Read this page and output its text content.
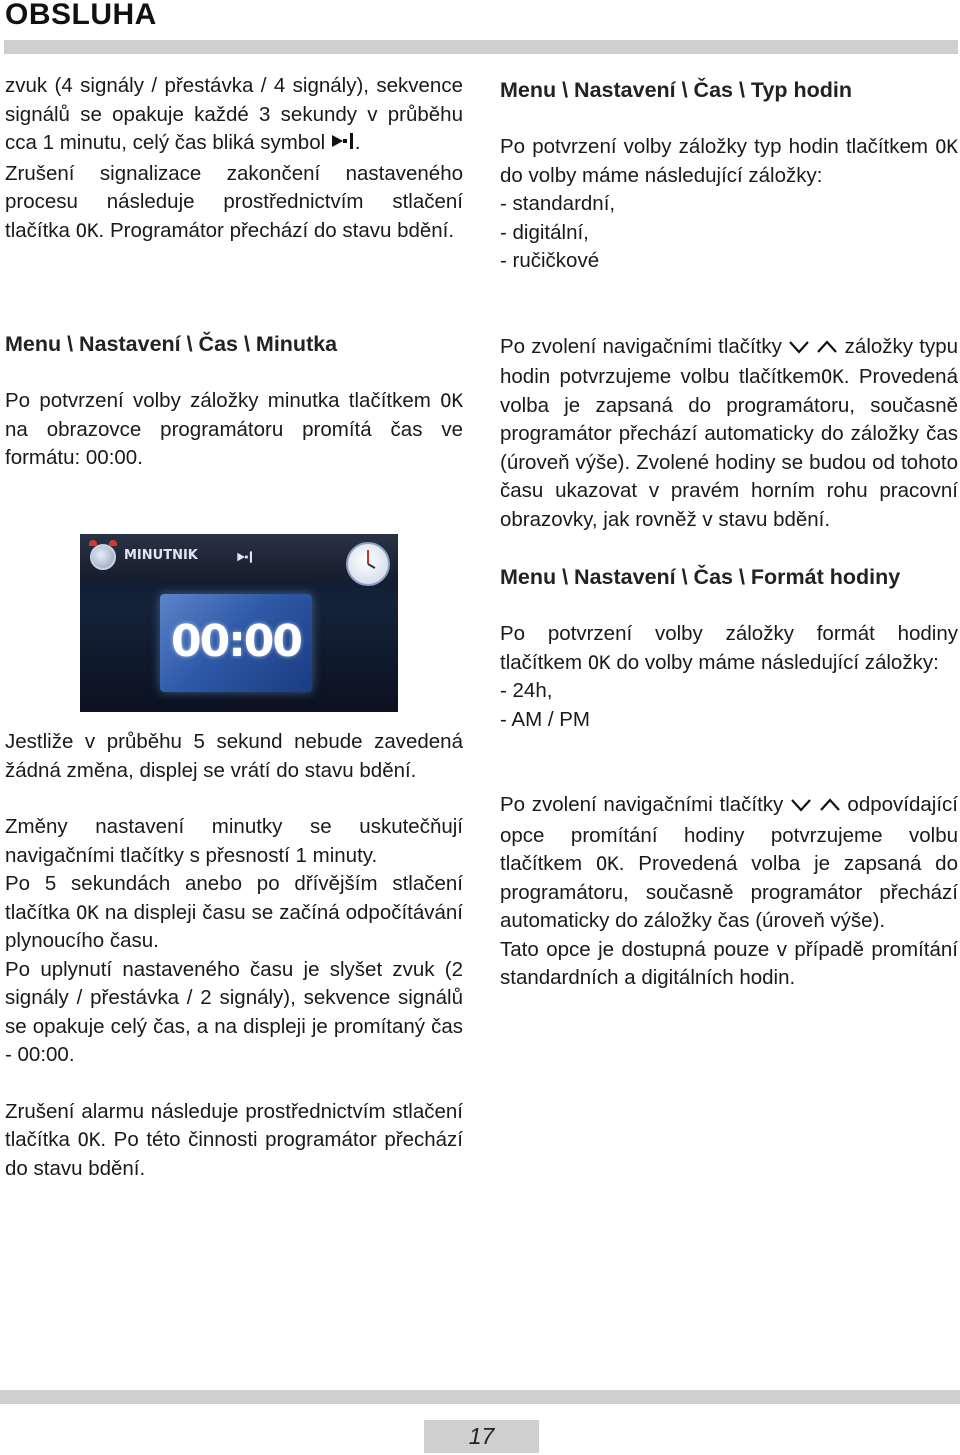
OBSLUHA

zvuk (4 signály / přestávka / 4 signály), sekvence signálů se opakuje každé 3 sekundy v průběhu cca 1 minutu, celý čas bliká symbol .

Zrušení signalizace zakončení nastaveného procesu následuje prostřednictvím stlačení tlačítka OK. Programátor přechází do stavu bdění.

Menu \ Nastavení \ Čas \ Minutka

Po potvrzení volby záložky minutka tlačítkem OK na obrazovce programátoru promítá čas ve formátu: 00:00.

MINUTNIK
00:00

Jestliže v průběhu 5 sekund nebude zavedená žádná změna, displej se vrátí do stavu bdění.

Změny nastavení minutky se uskutečňují navigačními tlačítky s přesností 1 minuty.

Po 5 sekundách anebo po dřívějším stlačení tlačítka OK na displeji času se začíná odpočítávání plynoucího času.

Po uplynutí nastaveného času je slyšet zvuk (2 signály / přestávka / 2 signály), sekvence signálů se opakuje celý čas, a na displeji je promítaný čas - 00:00.

Zrušení alarmu následuje prostřednictvím stlačení tlačítka OK. Po této činnosti programátor přechází do stavu bdění.

Menu \ Nastavení \ Čas \ Typ hodin

Po potvrzení volby záložky typ hodin tlačítkem OK do volby máme následující záložky:

- standardní,
- digitální,
- ručičkové

Po zvolení navigačními tlačítky	záložky typu hodin potvrzujeme volbu tlačítkemOK. Provedená volba je zapsaná do programátoru, současně programátor přechází automaticky do záložky čas (úroveň výše). Zvolené hodiny se budou od tohoto času ukazovat v pravém horním rohu pracovní obrazovky, jak rovněž v stavu bdění.

Menu \ Nastavení \ Čas \ Formát hodiny

Po potvrzení volby záložky formát hodiny tlačítkem OK do volby máme následující záložky:

- 24h,
- AM / PM

Po zvolení navigačními tlačítky	odpovídající opce promítání hodiny potvrzujeme volbu tlačítkem OK. Provedená volba je zapsaná do programátoru, současně programátor přechází automaticky do záložky čas (úroveň výše).

Tato opce je dostupná pouze v případě promítání standardních a digitálních hodin.

17
